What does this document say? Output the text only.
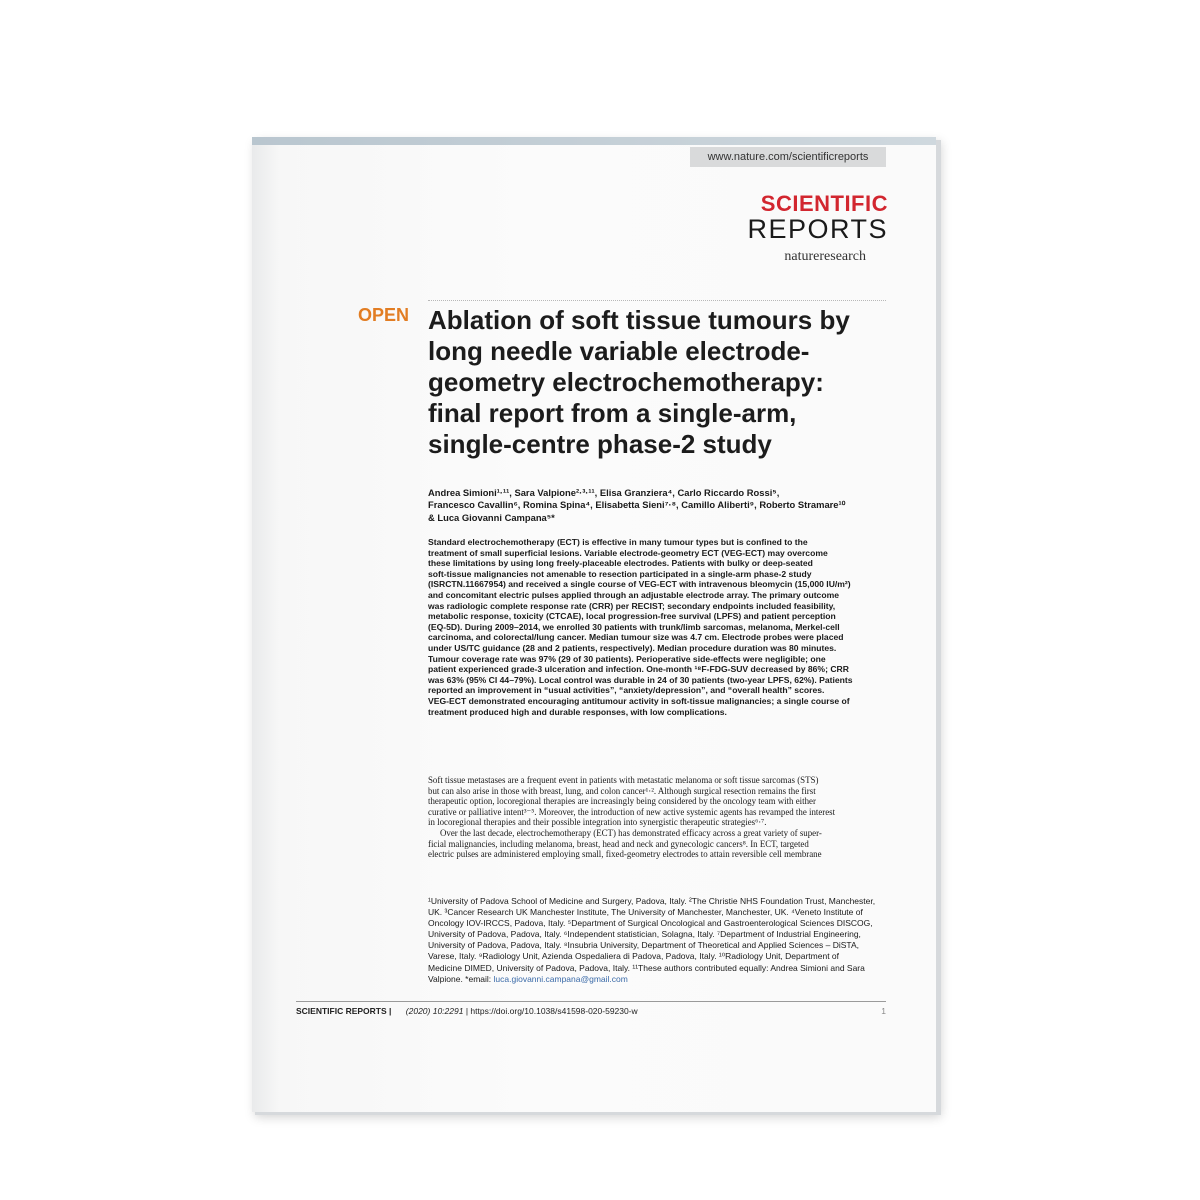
www.nature.com/scientificreports
SCIENTIFIC
REPORTS
natureresearch
OPEN Ablation of soft tissue tumours by
long needle variable electrode-
geometry electrochemotherapy:
final report from a single-arm,
single-centre phase-2 study
Andrea Simioni¹·¹¹, Sara Valpione²·³·¹¹, Elisa Granziera⁴, Carlo Riccardo Rossi⁵,
Francesco Cavallin⁶, Romina Spina⁴, Elisabetta Sieni⁷·⁸, Camillo Aliberti⁹, Roberto Stramare¹⁰
& Luca Giovanni Campana⁵*
Standard electrochemotherapy (ECT) is effective in many tumour types but is confined to the
treatment of small superficial lesions. Variable electrode-geometry ECT (VEG-ECT) may overcome
these limitations by using long freely-placeable electrodes. Patients with bulky or deep-seated
soft-tissue malignancies not amenable to resection participated in a single-arm phase-2 study
(ISRCTN.11667954) and received a single course of VEG-ECT with intravenous bleomycin (15,000 IU/m²)
and concomitant electric pulses applied through an adjustable electrode array. The primary outcome
was radiologic complete response rate (CRR) per RECIST; secondary endpoints included feasibility,
metabolic response, toxicity (CTCAE), local progression-free survival (LPFS) and patient perception
(EQ-5D). During 2009–2014, we enrolled 30 patients with trunk/limb sarcomas, melanoma, Merkel-cell
carcinoma, and colorectal/lung cancer. Median tumour size was 4.7 cm. Electrode probes were placed
under US/TC guidance (28 and 2 patients, respectively). Median procedure duration was 80 minutes.
Tumour coverage rate was 97% (29 of 30 patients). Perioperative side-effects were negligible; one
patient experienced grade-3 ulceration and infection. One-month ¹⁸F-FDG-SUV decreased by 86%; CRR
was 63% (95% CI 44–79%). Local control was durable in 24 of 30 patients (two-year LPFS, 62%). Patients
reported an improvement in “usual activities”, “anxiety/depression”, and “overall health” scores.
VEG-ECT demonstrated encouraging antitumour activity in soft-tissue malignancies; a single course of
treatment produced high and durable responses, with low complications.
Soft tissue metastases are a frequent event in patients with metastatic melanoma or soft tissue sarcomas (STS)
but can also arise in those with breast, lung, and colon cancer¹·². Although surgical resection remains the first
therapeutic option, locoregional therapies are increasingly being considered by the oncology team with either
curative or palliative intent³⁻⁵. Moreover, the introduction of new active systemic agents has revamped the interest
in locoregional therapies and their possible integration into synergistic therapeutic strategies⁶·⁷.
Over the last decade, electrochemotherapy (ECT) has demonstrated efficacy across a great variety of super-
ficial malignancies, including melanoma, breast, head and neck and gynecologic cancers⁸. In ECT, targeted
electric pulses are administered employing small, fixed-geometry electrodes to attain reversible cell membrane
¹University of Padova School of Medicine and Surgery, Padova, Italy. ²The Christie NHS Foundation Trust, Manchester,
UK. ³Cancer Research UK Manchester Institute, The University of Manchester, Manchester, UK. ⁴Veneto Institute of
Oncology IOV-IRCCS, Padova, Italy. ⁵Department of Surgical Oncological and Gastroenterological Sciences DISCOG,
University of Padova, Padova, Italy. ⁶Independent statistician, Solagna, Italy. ⁷Department of Industrial Engineering,
University of Padova, Padova, Italy. ⁸Insubria University, Department of Theoretical and Applied Sciences – DiSTA,
Varese, Italy. ⁹Radiology Unit, Azienda Ospedaliera di Padova, Padova, Italy. ¹⁰Radiology Unit, Department of
Medicine DIMED, University of Padova, Padova, Italy. ¹¹These authors contributed equally: Andrea Simioni and Sara
Valpione. *email: luca.giovanni.campana@gmail.com
SCIENTIFIC REPORTS | (2020) 10:2291 | https://doi.org/10.1038/s41598-020-59230-w	1
